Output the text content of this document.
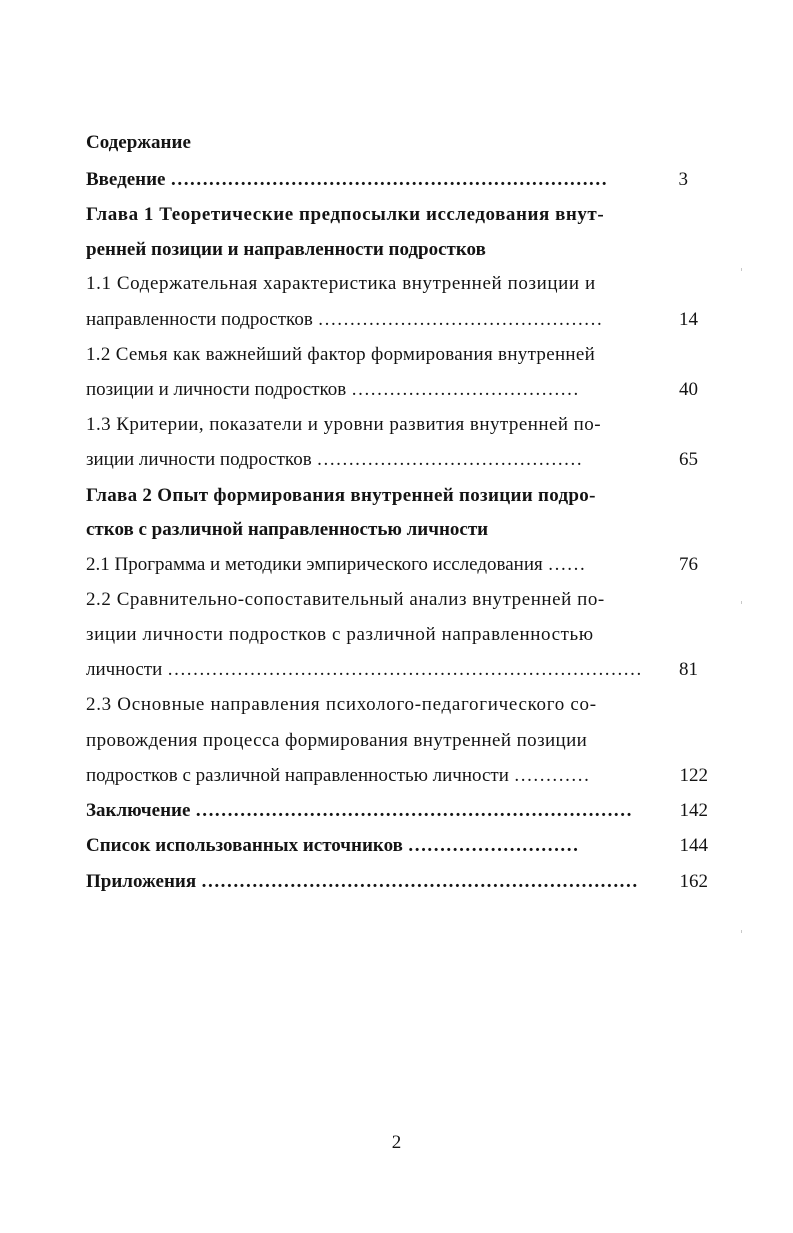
Содержание
Введение ……………………………………………………………	3
Глава 1 Теоретические предпосылки исследования внут-
ренней позиции и направленности подростков
1.1 Содержательная характеристика внутренней позиции и
направленности подростков ………………………………………	14
1.2 Семья как важнейший фактор формирования внутренней
позиции и личности подростков ………………………………	40
1.3 Критерии, показатели и уровни развития внутренней по-
зиции личности подростков ……………………………………	65
Глава 2 Опыт формирования внутренней позиции подро-
стков с различной направленностью личности
2.1 Программа и методики эмпирического исследования ……	76
2.2 Сравнительно-сопоставительный анализ внутренней по-
зиции личности подростков с различной направленностью
личности …………………………………………………………………	81
2.3 Основные направления психолого-педагогического со-
провождения процесса формирования внутренней позиции
подростков с различной направленностью личности …………	122
Заключение ……………………………………………………………	142
Список использованных источников ………………………	144
Приложения ……………………………………………………………	162
2
